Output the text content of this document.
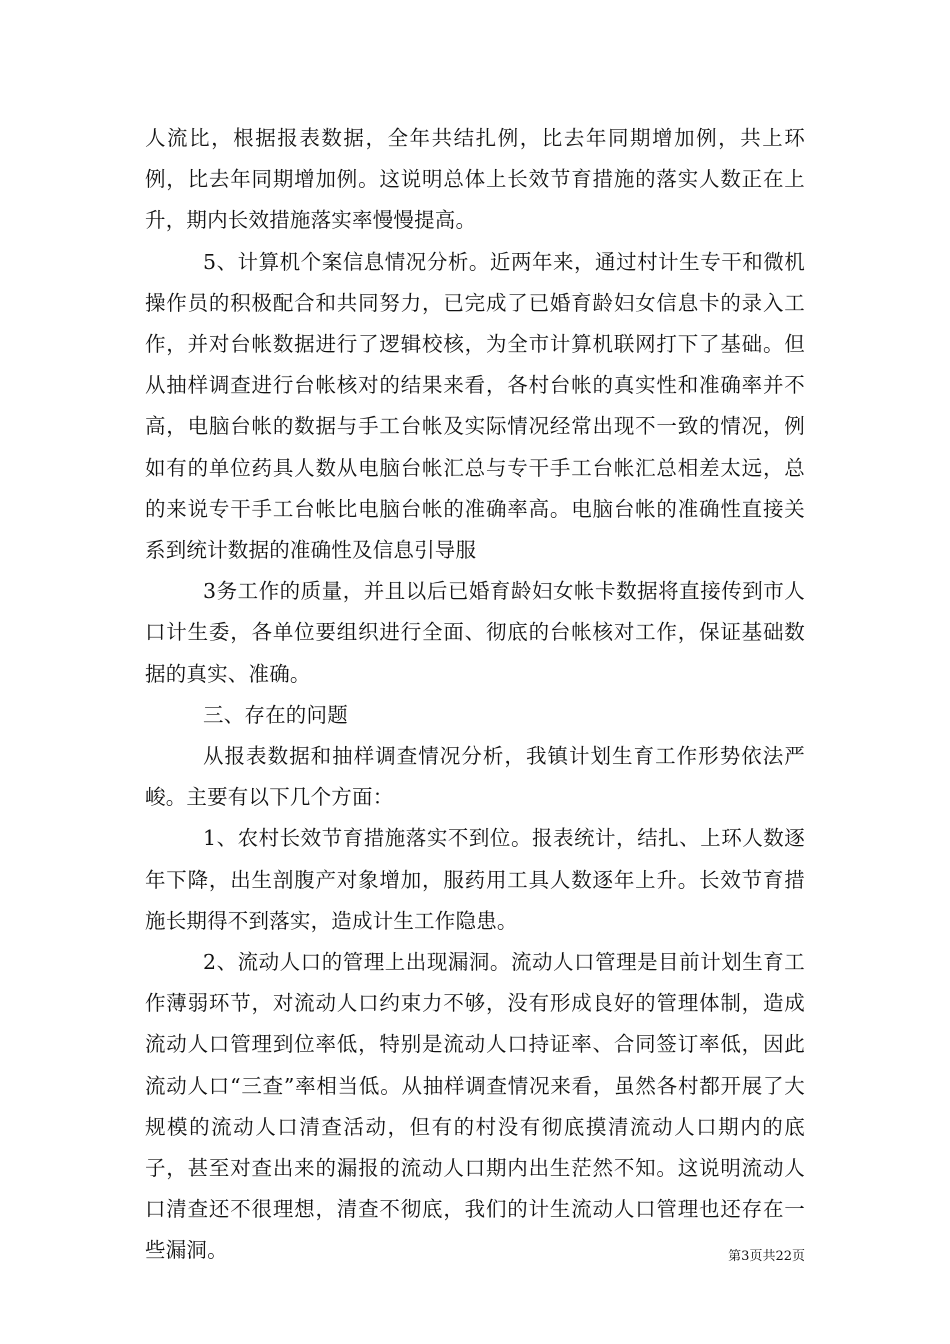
人流比，根据报表数据，全年共结扎例，比去年同期增加例，共上环例，比去年同期增加例。这说明总体上长效节育措施的落实人数正在上升，期内长效措施落实率慢慢提高。

5、计算机个案信息情况分析。近两年来，通过村计生专干和微机操作员的积极配合和共同努力，已完成了已婚育龄妇女信息卡的录入工作，并对台帐数据进行了逻辑校核，为全市计算机联网打下了基础。但从抽样调查进行台帐核对的结果来看，各村台帐的真实性和准确率并不高，电脑台帐的数据与手工台帐及实际情况经常出现不一致的情况，例如有的单位药具人数从电脑台帐汇总与专干手工台帐汇总相差太远，总的来说专干手工台帐比电脑台帐的准确率高。电脑台帐的准确性直接关系到统计数据的准确性及信息引导服

3务工作的质量，并且以后已婚育龄妇女帐卡数据将直接传到市人口计生委，各单位要组织进行全面、彻底的台帐核对工作，保证基础数据的真实、准确。

三、存在的问题

从报表数据和抽样调查情况分析，我镇计划生育工作形势依法严峻。主要有以下几个方面：

1、农村长效节育措施落实不到位。报表统计，结扎、上环人数逐年下降，出生剖腹产对象增加，服药用工具人数逐年上升。长效节育措施长期得不到落实，造成计生工作隐患。

2、流动人口的管理上出现漏洞。流动人口管理是目前计划生育工作薄弱环节，对流动人口约束力不够，没有形成良好的管理体制，造成流动人口管理到位率低，特别是流动人口持证率、合同签订率低，因此流动人口“三查”率相当低。从抽样调查情况来看，虽然各村都开展了大规模的流动人口清查活动，但有的村没有彻底摸清流动人口期内的底子，甚至对查出来的漏报的流动人口期内出生茫然不知。这说明流动人口清查还不很理想，清查不彻底，我们的计生流动人口管理也还存在一些漏洞。	第3页共22页
